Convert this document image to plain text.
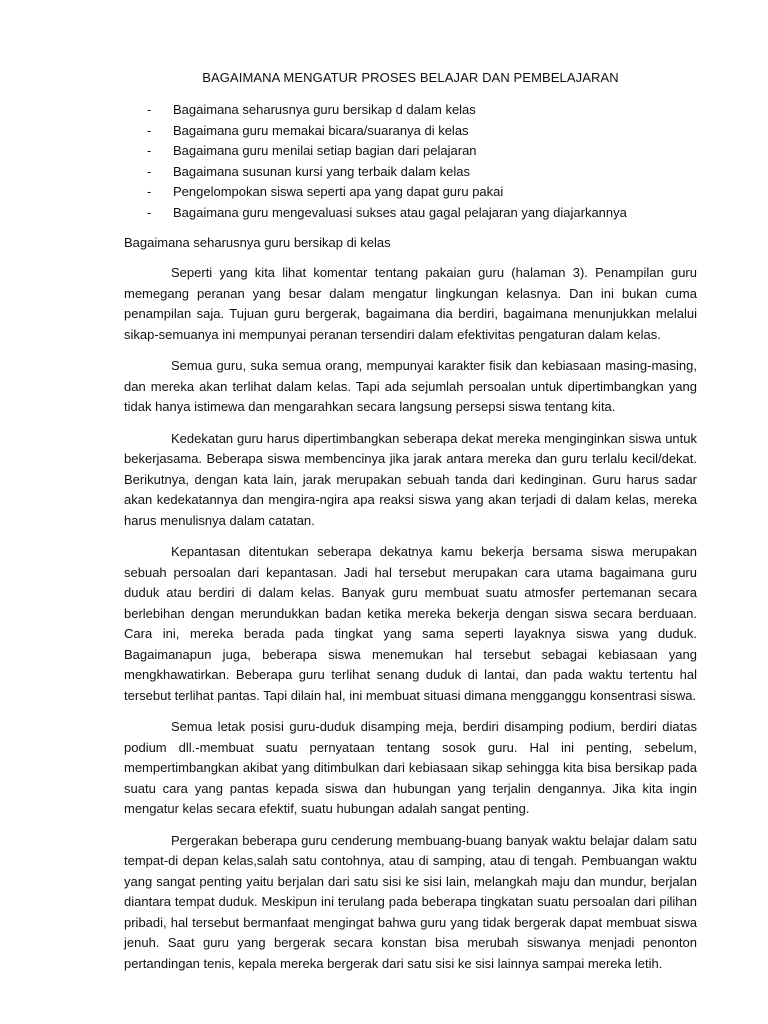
BAGAIMANA MENGATUR PROSES BELAJAR DAN PEMBELAJARAN
- Bagaimana seharusnya guru bersikap d dalam kelas
- Bagaimana guru memakai bicara/suaranya di kelas
- Bagaimana guru menilai setiap bagian dari pelajaran
- Bagaimana susunan kursi yang terbaik dalam kelas
- Pengelompokan siswa seperti apa yang dapat guru pakai
- Bagaimana guru mengevaluasi sukses atau gagal pelajaran yang diajarkannya
Bagaimana seharusnya guru bersikap di kelas

Seperti yang kita lihat komentar tentang pakaian guru (halaman 3). Penampilan guru memegang peranan yang besar dalam mengatur lingkungan kelasnya. Dan ini bukan cuma penampilan saja. Tujuan guru bergerak, bagaimana dia berdiri, bagaimana menunjukkan melalui sikap-semuanya ini mempunyai peranan tersendiri dalam efektivitas pengaturan dalam kelas.

Semua guru, suka semua orang, mempunyai karakter fisik dan kebiasaan masing-masing, dan mereka akan terlihat dalam kelas. Tapi ada sejumlah persoalan untuk dipertimbangkan yang tidak hanya istimewa dan mengarahkan secara langsung persepsi siswa tentang kita.

Kedekatan guru harus dipertimbangkan seberapa dekat mereka menginginkan siswa untuk bekerjasama. Beberapa siswa membencinya jika jarak antara mereka dan guru terlalu kecil/dekat. Berikutnya, dengan kata lain, jarak merupakan sebuah tanda dari kedinginan. Guru harus sadar akan kedekatannya dan mengira-ngira apa reaksi siswa yang akan terjadi di dalam kelas, mereka harus menulisnya dalam catatan.

Kepantasan ditentukan seberapa dekatnya kamu bekerja bersama siswa merupakan sebuah persoalan dari kepantasan. Jadi hal tersebut merupakan cara utama bagaimana guru duduk atau berdiri di dalam kelas. Banyak guru membuat suatu atmosfer pertemanan secara berlebihan dengan merundukkan badan ketika mereka bekerja dengan siswa secara berduaan. Cara ini, mereka berada pada tingkat yang sama seperti layaknya siswa yang duduk. Bagaimanapun juga, beberapa siswa menemukan hal tersebut sebagai kebiasaan yang mengkhawatirkan. Beberapa guru terlihat senang duduk di lantai, dan pada waktu tertentu hal tersebut terlihat pantas. Tapi dilain hal, ini membuat situasi dimana mengganggu konsentrasi siswa.

Semua letak posisi guru-duduk disamping meja, berdiri disamping podium, berdiri diatas podium dll.-membuat suatu pernyataan tentang sosok guru. Hal ini penting, sebelum, mempertimbangkan akibat yang ditimbulkan dari kebiasaan sikap sehingga kita bisa bersikap pada suatu cara yang pantas kepada siswa dan hubungan yang terjalin dengannya. Jika kita ingin mengatur kelas secara efektif, suatu hubungan adalah sangat penting.

Pergerakan beberapa guru cenderung membuang-buang banyak waktu belajar dalam satu tempat-di depan kelas,salah satu contohnya, atau di samping, atau di tengah. Pembuangan waktu yang sangat penting yaitu berjalan dari satu sisi ke sisi lain, melangkah maju dan mundur, berjalan diantara tempat duduk. Meskipun ini terulang pada beberapa tingkatan suatu persoalan dari pilihan pribadi, hal tersebut bermanfaat mengingat bahwa guru yang tidak bergerak dapat membuat siswa jenuh. Saat guru yang bergerak secara konstan bisa merubah siswanya menjadi penonton pertandingan tenis, kepala mereka bergerak dari satu sisi ke sisi lainnya sampai mereka letih.
